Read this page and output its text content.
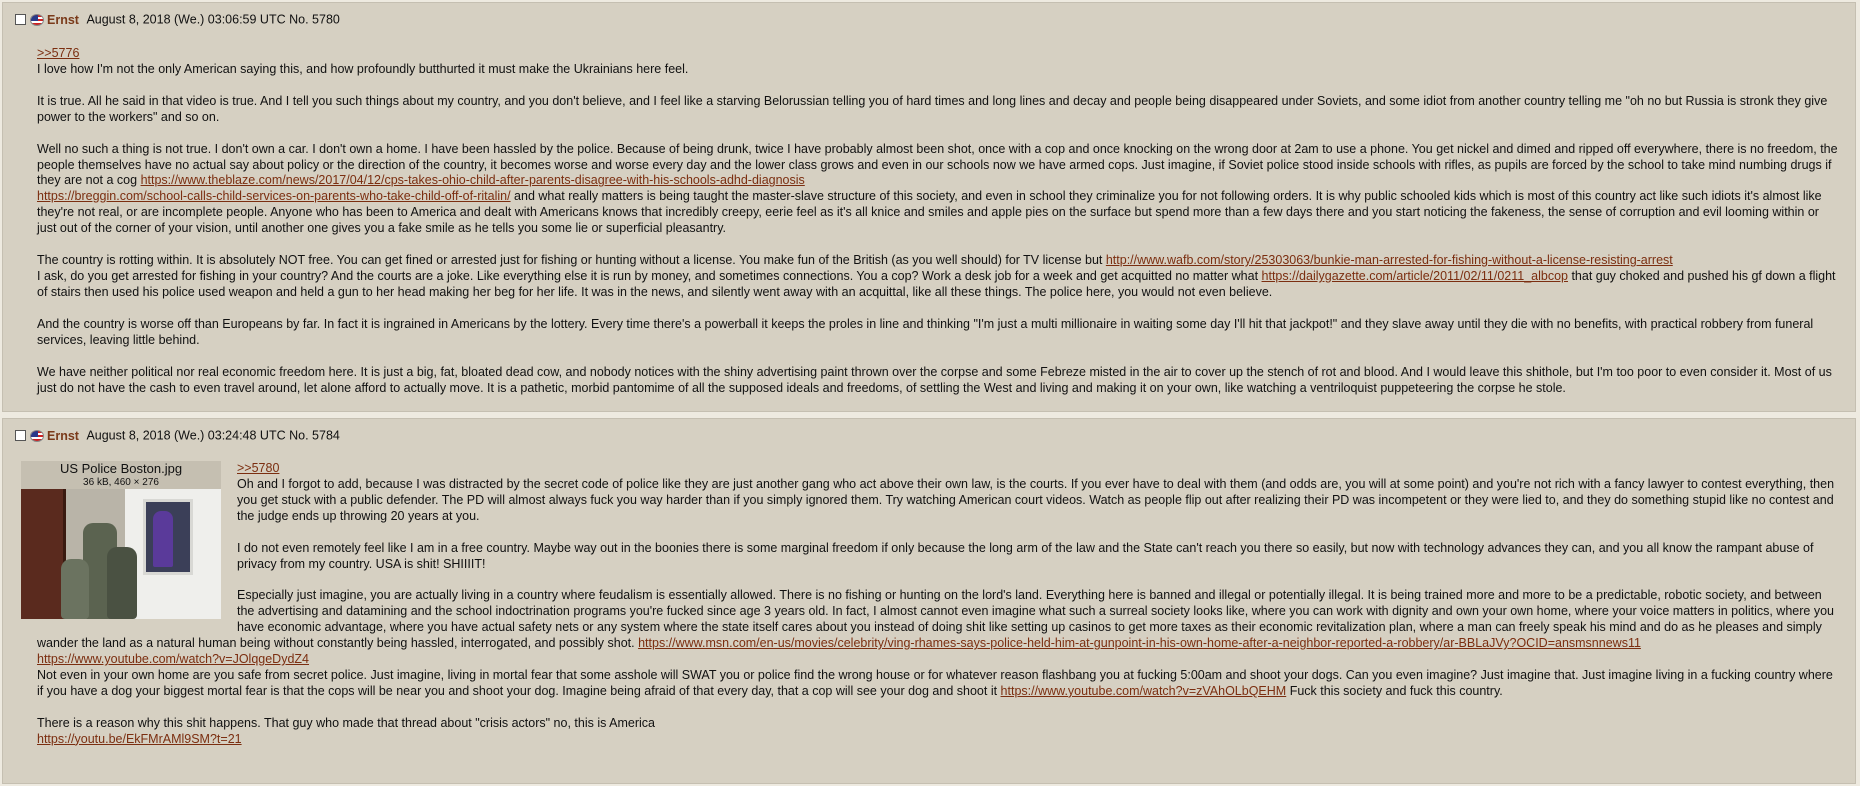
Ernst August 8, 2018 (We.) 03:06:59 UTC No. 5780

>>5776

I love how I'm not the only American saying this, and how profoundly butthurted it must make the Ukrainians here feel.

It is true. All he said in that video is true. And I tell you such things about my country, and you don't believe, and I feel like a starving Belorussian telling you of hard times and long lines and decay and people being disappeared under Soviets, and some idiot from another country telling me "oh no but Russia is stronk they give power to the workers" and so on.

Well no such a thing is not true. I don't own a car. I don't own a home. I have been hassled by the police. Because of being drunk, twice I have probably almost been shot, once with a cop and once knocking on the wrong door at 2am to use a phone. You get nickel and dimed and ripped off everywhere, there is no freedom, the people themselves have no actual say about policy or the direction of the country, it becomes worse and worse every day and the lower class grows and even in our schools now we have armed cops. Just imagine, if Soviet police stood inside schools with rifles, as pupils are forced by the school to take mind numbing drugs if they are not a cog https://www.theblaze.com/news/2017/04/12/cps-takes-ohio-child-after-parents-disagree-with-his-schools-adhd-diagnosis
https://breggin.com/school-calls-child-services-on-parents-who-take-child-off-of-ritalin/ and what really matters is being taught the master-slave structure of this society, and even in school they criminalize you for not following orders. It is why public schooled kids which is most of this country act like such idiots it's almost like they're not real, or are incomplete people. Anyone who has been to America and dealt with Americans knows that incredibly creepy, eerie feel as it's all knice and smiles and apple pies on the surface but spend more than a few days there and you start noticing the fakeness, the sense of corruption and evil looming within or just out of the corner of your vision, until another one gives you a fake smile as he tells you some lie or superficial pleasantry.

The country is rotting within. It is absolutely NOT free. You can get fined or arrested just for fishing or hunting without a license. You make fun of the British (as you well should) for TV license but http://www.wafb.com/story/25303063/bunkie-man-arrested-for-fishing-without-a-license-resisting-arrest
I ask, do you get arrested for fishing in your country? And the courts are a joke. Like everything else it is run by money, and sometimes connections. You a cop? Work a desk job for a week and get acquitted no matter what https://dailygazette.com/article/2011/02/11/0211_albcop that guy choked and pushed his gf down a flight of stairs then used his police used weapon and held a gun to her head making her beg for her life. It was in the news, and silently went away with an acquittal, like all these things. The police here, you would not even believe.

And the country is worse off than Europeans by far. In fact it is ingrained in Americans by the lottery. Every time there's a powerball it keeps the proles in line and thinking "I'm just a multi millionaire in waiting some day I'll hit that jackpot!" and they slave away until they die with no benefits, with practical robbery from funeral services, leaving little behind.

We have neither political nor real economic freedom here. It is just a big, fat, bloated dead cow, and nobody notices with the shiny advertising paint thrown over the corpse and some Febreze misted in the air to cover up the stench of rot and blood. And I would leave this shithole, but I'm too poor to even consider it. Most of us just do not have the cash to even travel around, let alone afford to actually move. It is a pathetic, morbid pantomime of all the supposed ideals and freedoms, of settling the West and living and making it on your own, like watching a ventriloquist puppeteering the corpse he stole.

Ernst August 8, 2018 (We.) 03:24:48 UTC No. 5784
US Police Boston.jpg
36 kB, 460 × 276

>>5780

Oh and I forgot to add, because I was distracted by the secret code of police like they are just another gang who act above their own law, is the courts. If you ever have to deal with them (and odds are, you will at some point) and you're not rich with a fancy lawyer to contest everything, then you get stuck with a public defender. The PD will almost always fuck you way harder than if you simply ignored them. Try watching American court videos. Watch as people flip out after realizing their PD was incompetent or they were lied to, and they do something stupid like no contest and the judge ends up throwing 20 years at you.

I do not even remotely feel like I am in a free country. Maybe way out in the boonies there is some marginal freedom if only because the long arm of the law and the State can't reach you there so easily, but now with technology advances they can, and you all know the rampant abuse of privacy from my country. USA is shit! SHIIIIT!

Especially just imagine, you are actually living in a country where feudalism is essentially allowed. There is no fishing or hunting on the lord's land. Everything here is banned and illegal or potentially illegal. It is being trained more and more to be a predictable, robotic society, and between the advertising and datamining and the school indoctrination programs you're fucked since age 3 years old. In fact, I almost cannot even imagine what such a surreal society looks like, where you can work with dignity and own your own home, where your voice matters in politics, where you have economic advantage, where you have actual safety nets or any system where the state itself cares about you instead of doing shit like setting up casinos to get more taxes as their economic revitalization plan, where a man can freely speak his mind and do as he pleases and simply wander the land as a natural human being without constantly being hassled, interrogated, and possibly shot. https://www.msn.com/en-us/movies/celebrity/ving-rhames-says-police-held-him-at-gunpoint-in-his-own-home-after-a-neighbor-reported-a-robbery/ar-BBLaJVy?OCID=ansmsnnews11
https://www.youtube.com/watch?v=JOlqgeDydZ4
Not even in your own home are you safe from secret police. Just imagine, living in mortal fear that some asshole will SWAT you or police find the wrong house or for whatever reason flashbang you at fucking 5:00am and shoot your dogs. Can you even imagine? Just imagine that. Just imagine living in a fucking country where if you have a dog your biggest mortal fear is that the cops will be near you and shoot your dog. Imagine being afraid of that every day, that a cop will see your dog and shoot it https://www.youtube.com/watch?v=zVAhOLbQEHM Fuck this society and fuck this country.

There is a reason why this shit happens. That guy who made that thread about "crisis actors" no, this is America
https://youtu.be/EkFMrAMl9SM?t=21
